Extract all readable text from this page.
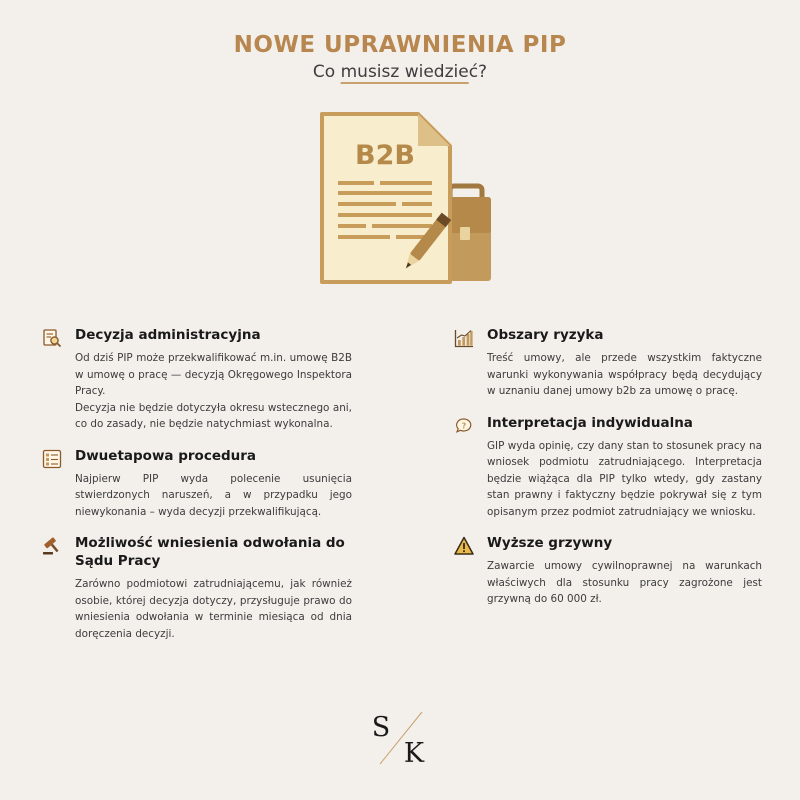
NOWE UPRAWNIENIA PIP
Co musisz wiedzieć?
B2B
Decyzja administracyjna

Od dziś PIP może przekwalifikować m.in. umowę B2B w umowę o pracę — decyzją Okręgowego Inspektora Pracy.

Decyzja nie będzie dotyczyła okresu wstecznego ani, co do zasady, nie będzie natychmiast wykonalna.

Dwuetapowa procedura

Najpierw PIP wyda polecenie usunięcia stwierdzonych naruszeń, a w przypadku jego niewykonania – wyda decyzji przekwalifikującą.

Możliwość wniesienia odwołania do Sądu Pracy

Zarówno podmiotowi zatrudniającemu, jak również osobie, której decyzja dotyczy, przysługuje prawo do wniesienia odwołania w terminie miesiąca od dnia doręczenia decyzji.

Obszary ryzyka

Treść umowy, ale przede wszystkim faktyczne warunki wykonywania współpracy będą decydujący w uznaniu danej umowy b2b za umowę o pracę.

? Interpretacja indywidualna

GIP wyda opinię, czy dany stan to stosunek pracy na wniosek podmiotu zatrudniającego. Interpretacja będzie wiążąca dla PIP tylko wtedy, gdy zastany stan prawny i faktyczny będzie pokrywał się z tym opisanym przez podmiot zatrudniający we wniosku.

Wyższe grzywny

Zawarcie umowy cywilnoprawnej na warunkach właściwych dla stosunku pracy zagrożone jest grzywną do 60 000 zł.

S
K
